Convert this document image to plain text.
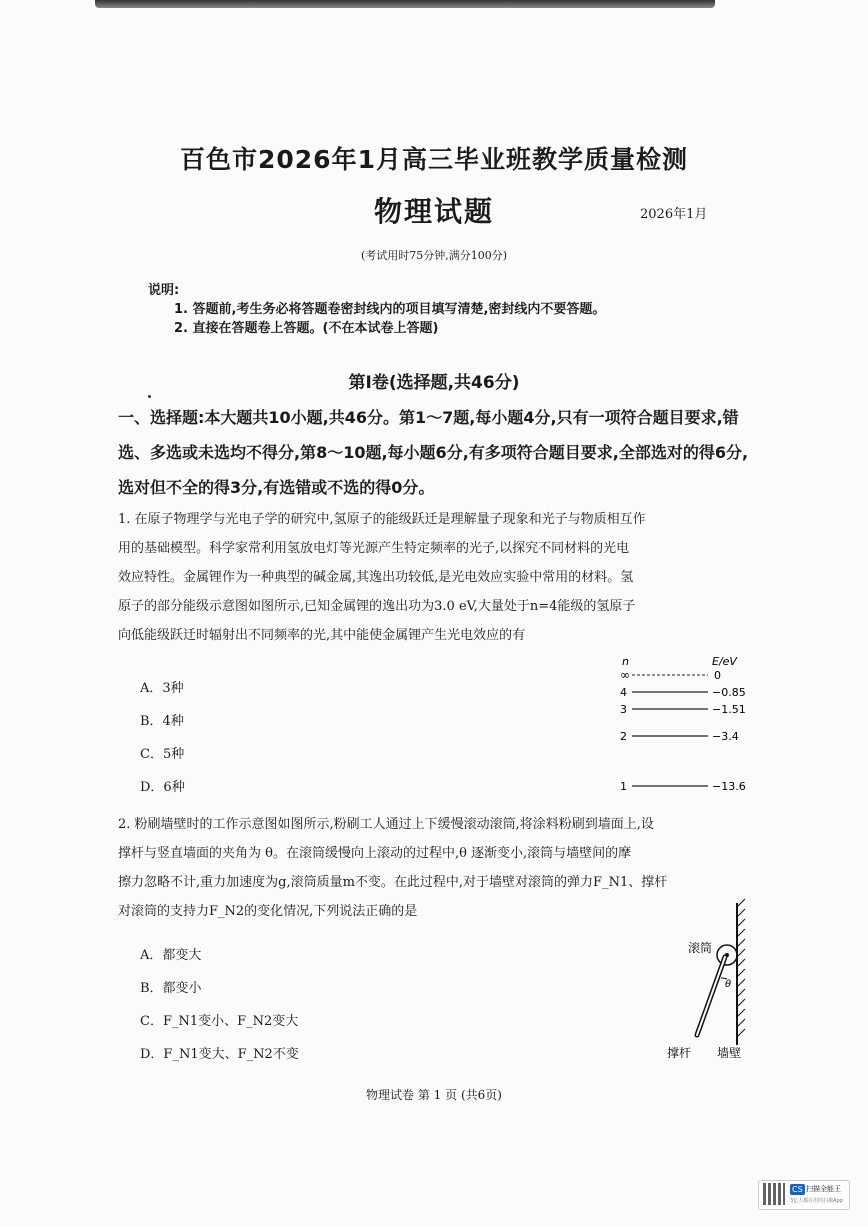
百色市2026年1月高三毕业班教学质量检测
物理试题	2026年1月
(考试用时75分钟,满分100分)
说明:
1. 答题前,考生务必将答题卷密封线内的项目填写清楚,密封线内不要答题。
2. 直接在答题卷上答题。(不在本试卷上答题)
第Ⅰ卷(选择题,共46分)
一、选择题:本大题共10小题,共46分。第1～7题,每小题4分,只有一项符合题目要求,错选、多选或未选均不得分,第8～10题,每小题6分,有多项符合题目要求,全部选对的得6分,选对但不全的得3分,有选错或不选的得0分。

1. 在原子物理学与光电子学的研究中,氢原子的能级跃迁是理解量子现象和光子与物质相互作

用的基础模型。科学家常利用氢放电灯等光源产生特定频率的光子,以探究不同材料的光电

效应特性。金属锂作为一种典型的碱金属,其逸出功较低,是光电效应实验中常用的材料。氢

原子的部分能级示意图如图所示,已知金属锂的逸出功为3.0 eV,大量处于n=4能级的氢原子

向低能级跃迁时辐射出不同频率的光,其中能使金属锂产生光电效应的有

A．3种
B．4种
C．5种
D．6种
n	E/eV
∞
4
3
2
1
0
−0.85
−1.51
−3.4
−13.6

2. 粉刷墙壁时的工作示意图如图所示,粉刷工人通过上下缓慢滚动滚筒,将涂料粉刷到墙面上,设

撑杆与竖直墙面的夹角为 θ。在滚筒缓慢向上滚动的过程中,θ 逐渐变小,滚筒与墙壁间的摩

擦力忽略不计,重力加速度为g,滚筒质量m不变。在此过程中,对于墙壁对滚筒的弹力F_N1、撑杆

对滚筒的支持力F_N2的变化情况,下列说法正确的是

A．都变大
B．都变小
C．F_N1变小、F_N2变大
D．F_N1变大、F_N2不变
θ
滚筒
撑杆 墙壁
物理试卷 第 1 页 (共6页)
CS 扫描全能王
3亿人都在用的扫描App
